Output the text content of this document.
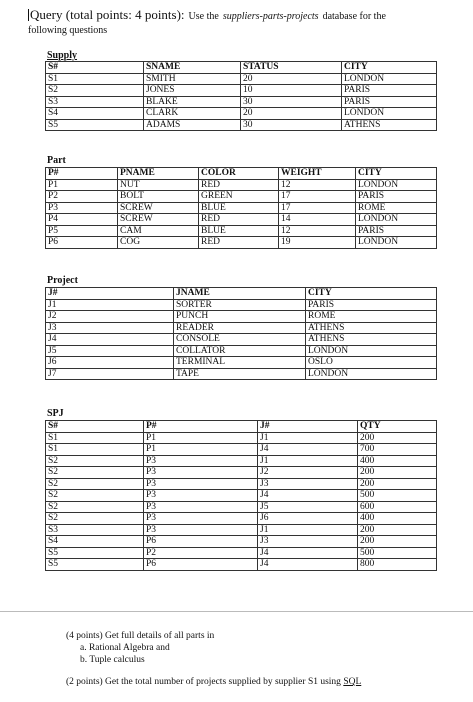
Query (total points: 4 points): Use the suppliers-parts-projects database for the
following questions
Supply
S#	SNAME	STATUS	CITY
S1	SMITH	20	LONDON
S2	JONES	10	PARIS
S3	BLAKE	30	PARIS
S4	CLARK	20	LONDON
S5	ADAMS	30	ATHENS
Part
P#	PNAME	COLOR	WEIGHT	CITY
P1	NUT	RED	12	LONDON
P2	BOLT	GREEN	17	PARIS
P3	SCREW	BLUE	17	ROME
P4	SCREW	RED	14	LONDON
P5	CAM	BLUE	12	PARIS
P6	COG	RED	19	LONDON
Project
J#	JNAME	CITY
J1	SORTER	PARIS
J2	PUNCH	ROME
J3	READER	ATHENS
J4	CONSOLE	ATHENS
J5	COLLATOR	LONDON
J6	TERMINAL	OSLO
J7	TAPE	LONDON
SPJ
S#	P#	J#	QTY
S1	P1	J1	200
S1	P1	J4	700
S2	P3	J1	400
S2	P3	J2	200
S2	P3	J3	200
S2	P3	J4	500
S2	P3	J5	600
S2	P3	J6	400
S3	P3	J1	200
S4	P6	J3	200
S5	P2	J4	500
S5	P6	J4	800
(4 points) Get full details of all parts in
a. Rational Algebra and
b. Tuple calculus
(2 points) Get the total number of projects supplied by supplier S1 using SQL
